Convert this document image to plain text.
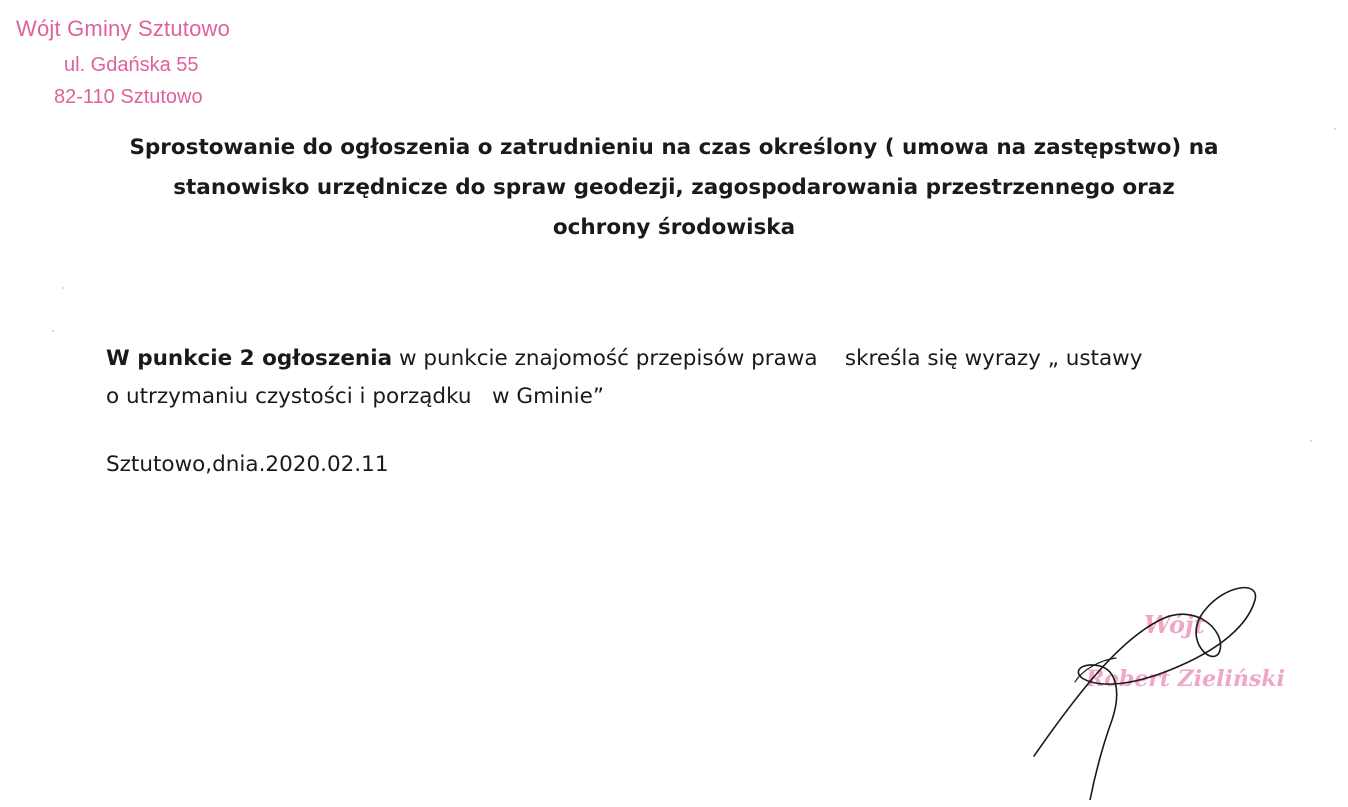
Wójt Gminy Sztutowo
ul. Gdańska 55
82-110 Sztutowo
Sprostowanie do ogłoszenia o zatrudnieniu na czas określony ( umowa na zastępstwo) na
stanowisko urzędnicze do spraw geodezji, zagospodarowania przestrzennego oraz
ochrony środowiska
W punkcie 2 ogłoszenia w punkcie znajomość przepisów prawa    skreśla się wyrazy „ ustawy
o utrzymaniu czystości i porządku   w Gminie”
Sztutowo,dnia.2020.02.11
Wójt
Robert Zieliński
